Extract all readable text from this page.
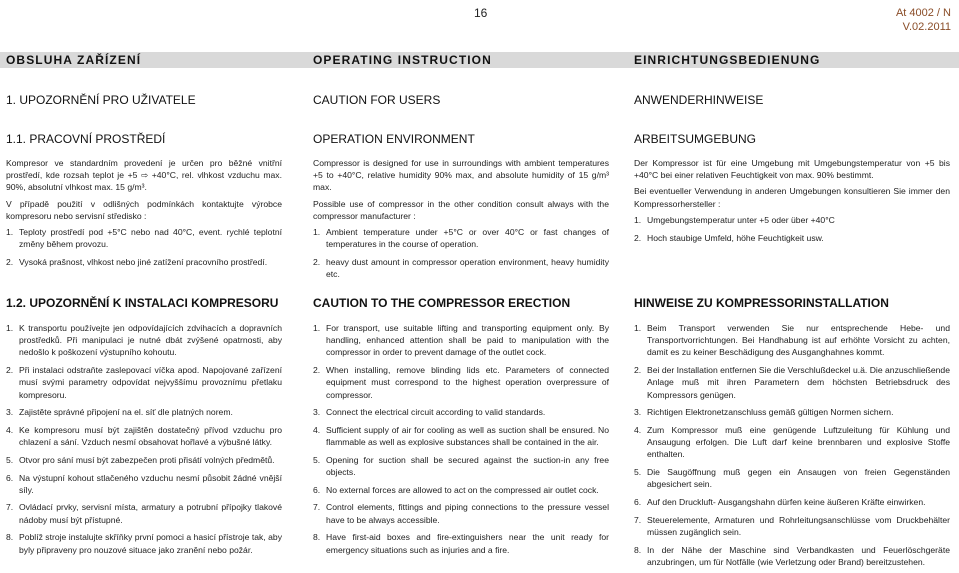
16	At 4002 / N
V.02.2011
OBSLUHA ZAŘÍZENÍ	OPERATING INSTRUCTION	EINRICHTUNGSBEDIENUNG
1. UPOZORNĚNÍ PRO UŽIVATELE	CAUTION FOR USERS	ANWENDERHINWEISE
1.1. PRACOVNÍ PROSTŘEDÍ	OPERATION ENVIRONMENT	ARBEITSUMGEBUNG

Kompresor ve standardním provedení je určen pro běžné vnitřní prostředí, kde rozsah teplot je +5 ⇨ +40°C, rel. vlhkost vzduchu max. 90%, absolutní vlhkost max. 15 g/m³.

V případě použití v odlišných podmínkách kontaktujte výrobce kompresoru nebo servisní středisko :

1. Teploty prostředí pod +5°C nebo nad 40°C, event. rychlé teplotní změny během provozu.
2. Vysoká prašnost, vlhkost nebo jiné zatížení pracovního prostředí.

Compressor is designed for use in surroundings with ambient temperatures +5 to +40°C, relative humidity 90% max, and absolute humidity of 15 g/m³ max.

Possible use of compressor in the other condition consult always with the compressor manufacturer :

1. Ambient temperature under +5°C or over 40°C or fast changes of temperatures in the course of operation.
2. heavy dust amount in compressor operation environment, heavy humidity etc.

Der Kompressor ist für eine Umgebung mit Umgebungstemperatur von +5 bis +40°C bei einer relativen Feuchtigkeit von max. 90% bestimmt.

Bei eventueller Verwendung in anderen Umgebungen konsultieren Sie immer den Kompressorhersteller :

1. Umgebungstemperatur unter +5 oder über +40°C
2. Hoch staubige Umfeld, höhe Feuchtigkeit usw.
1.2. UPOZORNĚNÍ K INSTALACI KOMPRESORU	CAUTION TO THE COMPRESSOR ERECTION	HINWEISE ZU KOMPRESSORINSTALLATION
1. K transportu používejte jen odpovídajících zdvihacích a dopravních prostředků. Při manipulaci je nutné dbát zvýšené opatrnosti, aby nedošlo k poškození výstupního kohoutu.
2. Při instalaci odstraňte zaslepovací víčka apod. Napojované zařízení musí svými parametry odpovídat nejvyššímu provoznímu přetlaku kompresoru.
3. Zajistěte správné připojení na el. síť dle platných norem.
4. Ke kompresoru musí být zajištěn dostatečný přívod vzduchu pro chlazení a sání. Vzduch nesmí obsahovat hořlavé a výbušné látky.
5. Otvor pro sání musí být zabezpečen proti přisátí volných předmětů.
6. Na výstupní kohout stlačeného vzduchu nesmí působit žádné vnější síly.
7. Ovládací prvky, servisní místa, armatury a potrubní přípojky tlakové nádoby musí být přístupné.
8. Poblíž stroje instalujte skříňky první pomoci a hasicí přístroje tak, aby byly připraveny pro nouzové situace jako zranění nebo požár.
1. For transport, use suitable lifting and transporting equipment only. By handling, enhanced attention shall be paid to manipulation with the compressor in order to prevent damage of the outlet cock.
2. When installing, remove blinding lids etc. Parameters of connected equipment must correspond to the highest operation overpressure of compressor.
3. Connect the electrical circuit according to valid standards.
4. Sufficient supply of air for cooling as well as suction shall be ensured. No flammable as well as explosive substances shall be contained in the air.
5. Opening for suction shall be secured against the suction-in any free objects.
6. No external forces are allowed to act on the compressed air outlet cock.
7. Control elements, fittings and piping connections to the pressure vessel have to be always accessible.
8. Have first-aid boxes and fire-extinguishers near the unit ready for emergency situations such as injuries and a fire.
1. Beim Transport verwenden Sie nur entsprechende Hebe- und Transportvorrichtungen. Bei Handhabung ist auf erhöhte Vorsicht zu achten, damit es zu keiner Beschädigung des Ausganghahnes kommt.
2. Bei der Installation entfernen Sie die Verschlußdeckel u.ä. Die anzuschließende Anlage muß mit ihren Parametern dem höchsten Betriebsdruck des Kompressors genügen.
3. Richtigen Elektronetzanschluss gemäß gültigen Normen sichern.
4. Zum Kompressor muß eine genügende Luftzuleitung für Kühlung und Ansaugung erfolgen. Die Luft darf keine brennbaren und explosive Stoffe enthalten.
5. Die Saugöffnung muß gegen ein Ansaugen von freien Gegenständen abgesichert sein.
6. Auf den Druckluft- Ausgangshahn dürfen keine äußeren Kräfte einwirken.
7. Steuerelemente, Armaturen und Rohrleitungsanschlüsse vom Druckbehälter müssen zugänglich sein.
8. In der Nähe der Maschine sind Verbandkasten und Feuerlöschgeräte anzubringen, um für Notfälle (wie Verletzung oder Brand) bereitzustehen.
